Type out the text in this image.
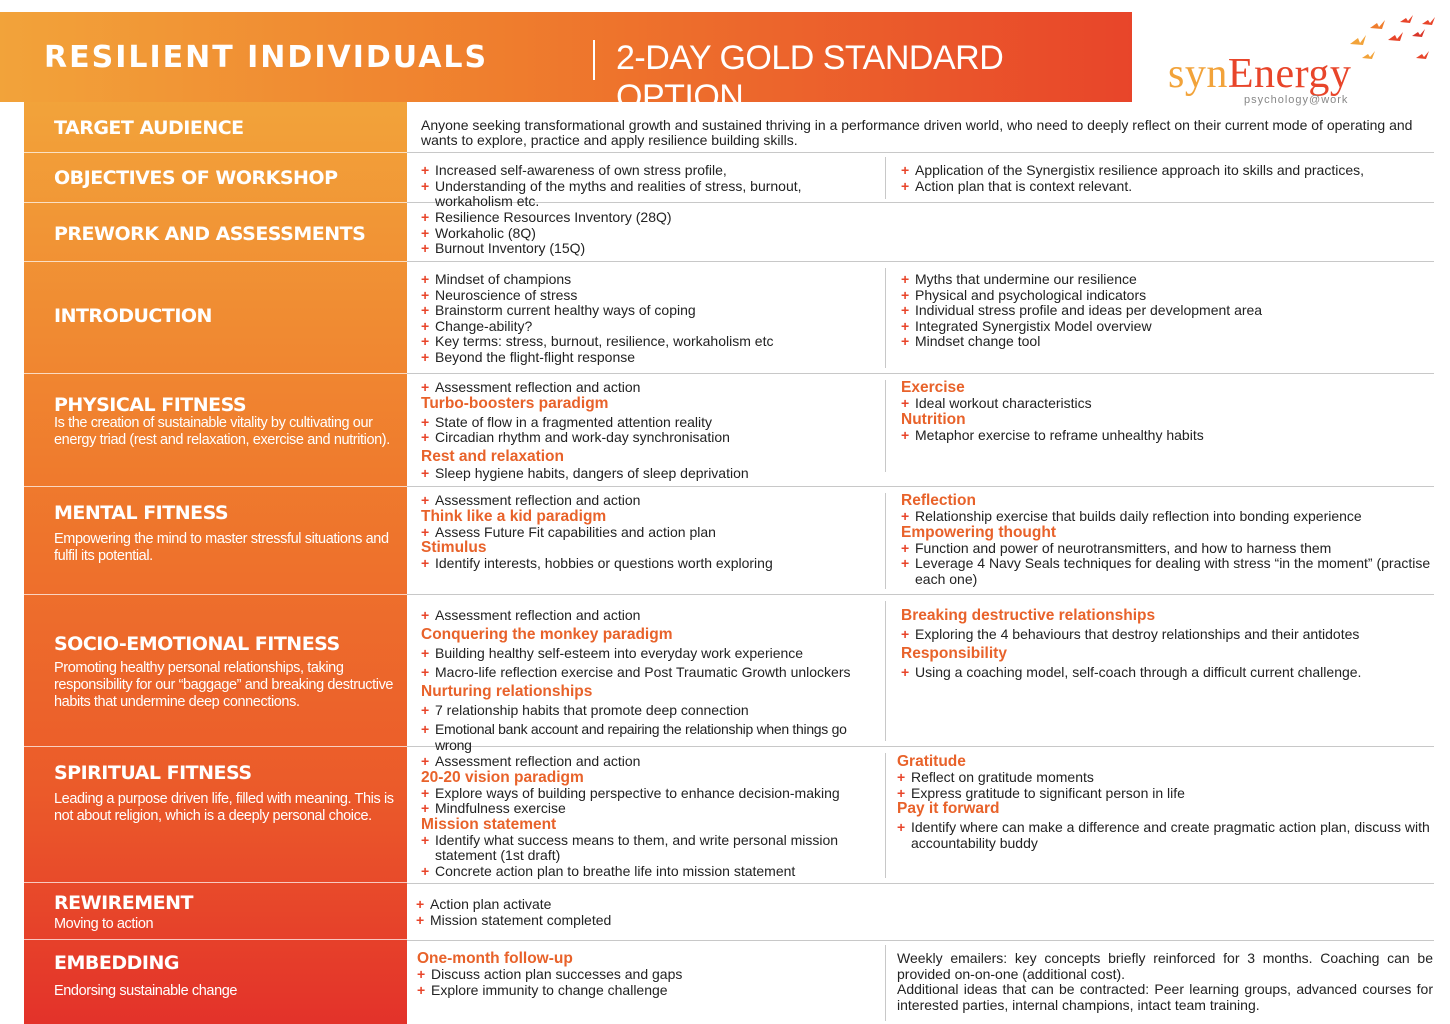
RESILIENT INDIVIDUALS	2-DAY GOLD STANDARD OPTION	synEnergy
psychology@work
TARGET AUDIENCE
OBJECTIVES OF WORKSHOP
PREWORK AND ASSESSMENTS
INTRODUCTION
PHYSICAL FITNESS
Is the creation of sustainable vitality by cultivating our energy triad (rest and relaxation, exercise and nutrition).
MENTAL FITNESS
Empowering the mind to master stressful situations and fulfil its potential.
SOCIO-EMOTIONAL FITNESS
Promoting healthy personal relationships, taking responsibility for our “baggage” and breaking destructive habits that undermine deep connections.
SPIRITUAL FITNESS
Leading a purpose driven life, filled with meaning. This is not about religion, which is a deeply personal choice.
REWIREMENT
Moving to action
EMBEDDING
Endorsing sustainable change
Anyone seeking transformational growth and sustained thriving in a performance driven world, who need to deeply reflect on their current mode of operating and wants to explore, practice and apply resilience building skills.
+ Increased self-awareness of own stress profile,
+ Understanding of the myths and realities of stress, burnout, workaholism etc.
+ Application of the Synergistix resilience approach ito skills and practices,
+ Action plan that is context relevant.
+ Resilience Resources Inventory (28Q)
+ Workaholic (8Q)
+ Burnout Inventory (15Q)
+ Mindset of champions
+ Neuroscience of stress
+ Brainstorm current healthy ways of coping
+ Change-ability?
+ Key terms: stress, burnout, resilience, workaholism etc
+ Beyond the flight-flight response
+ Myths that undermine our resilience
+ Physical and psychological indicators
+ Individual stress profile and ideas per development area
+ Integrated Synergistix Model overview
+ Mindset change tool
+ Assessment reflection and action
Turbo-boosters paradigm
+ State of flow in a fragmented attention reality
+ Circadian rhythm and work-day synchronisation
Rest and relaxation
+ Sleep hygiene habits, dangers of sleep deprivation
Exercise
+ Ideal workout characteristics
Nutrition
+ Metaphor exercise to reframe unhealthy habits
+ Assessment reflection and action
Think like a kid paradigm
+ Assess Future Fit capabilities and action plan
Stimulus
+ Identify interests, hobbies or questions worth exploring
Reflection
+ Relationship exercise that builds daily reflection into bonding experience
Empowering thought
+ Function and power of neurotransmitters, and how to harness them
+ Leverage 4 Navy Seals techniques for dealing with stress “in the moment” (practise each one)
+ Assessment reflection and action
Conquering the monkey paradigm
+ Building healthy self-esteem into everyday work experience
+ Macro-life reflection exercise and Post Traumatic Growth unlockers
Nurturing relationships
+ 7 relationship habits that promote deep connection
+ Emotional bank account and repairing the relationship when things go wrong
Breaking destructive relationships
+ Exploring the 4 behaviours that destroy relationships and their antidotes
Responsibility
+ Using a coaching model, self-coach through a difficult current challenge.
+ Assessment reflection and action
20-20 vision paradigm
+ Explore ways of building perspective to enhance decision-making
+ Mindfulness exercise
Mission statement
+ Identify what success means to them, and write personal mission statement (1st draft)
+ Concrete action plan to breathe life into mission statement
Gratitude
+ Reflect on gratitude moments
+ Express gratitude to significant person in life
Pay it forward
+ Identify where can make a difference and create pragmatic action plan, discuss with accountability buddy
+ Action plan activate
+ Mission statement completed
One-month follow-up
+ Discuss action plan successes and gaps
+ Explore immunity to change challenge
Weekly emailers: key concepts briefly reinforced for 3 months. Coaching can be provided on-on-one (additional cost).
Additional ideas that can be contracted: Peer learning groups, advanced courses for interested parties, internal champions, intact team training.
